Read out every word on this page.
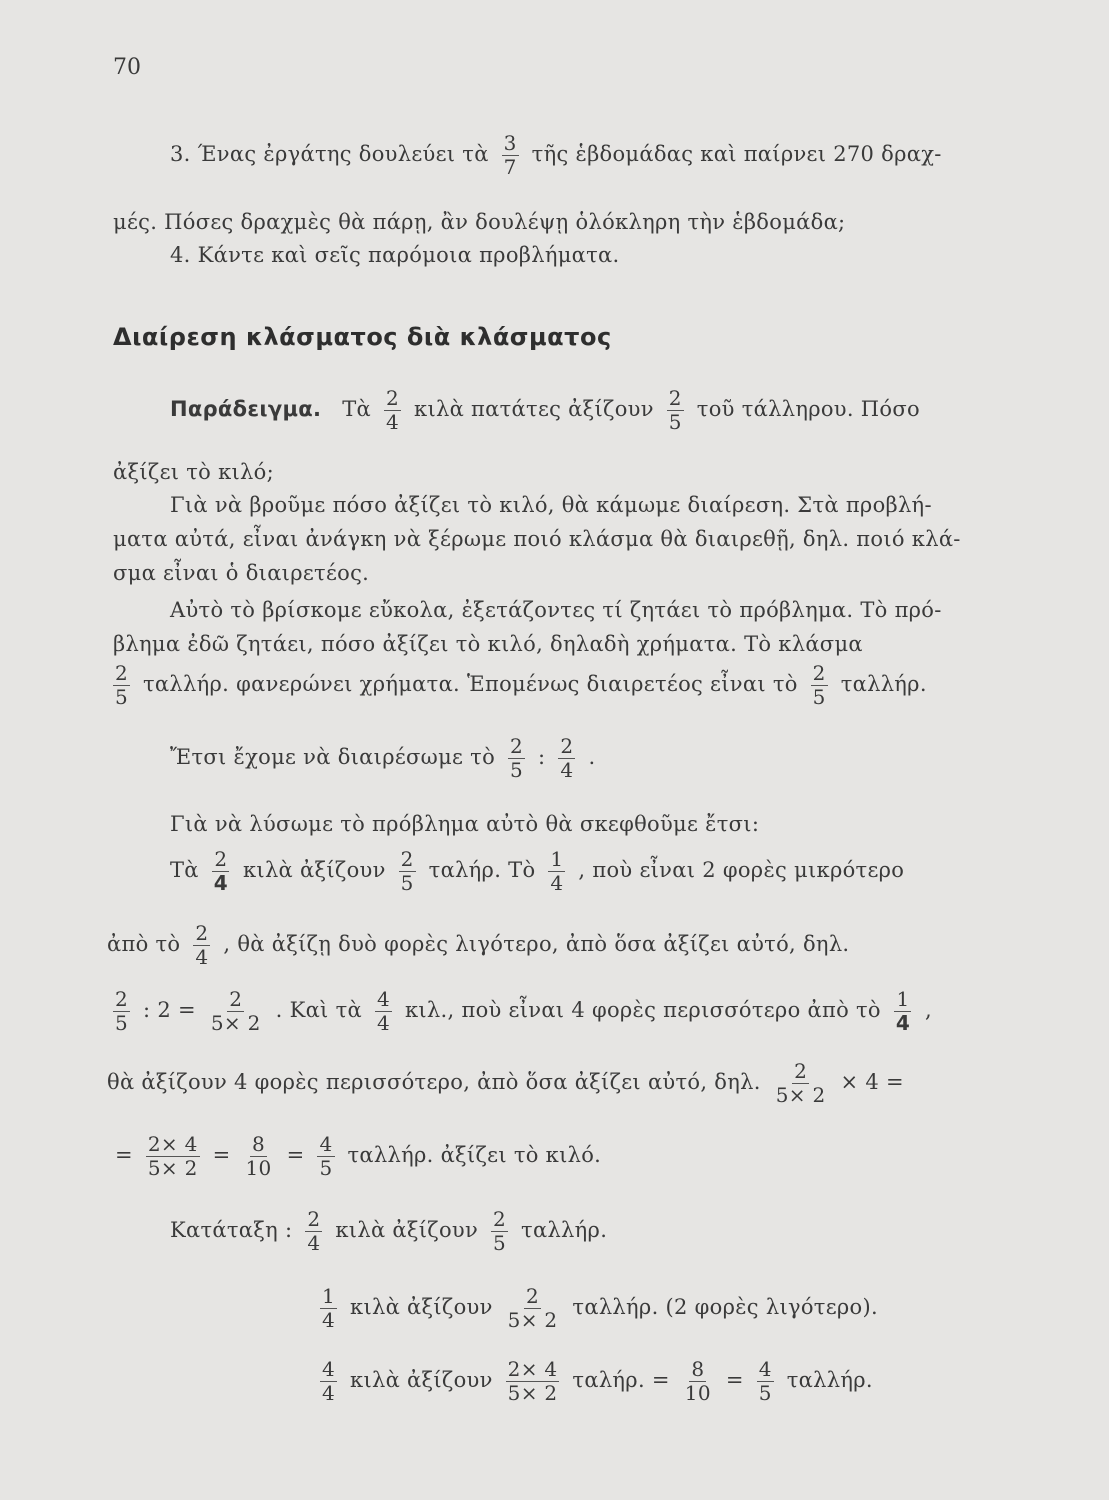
70
3. Ένας ἐργάτης δουλεύει τὰ $\frac{3}{7}$ τῆς ἑβδομάδας καὶ παίρνει 270 δραχ-
μές. Πόσες δραχμὲς θὰ πάρῃ, ἂν δουλέψῃ ὁλόκληρη τὴν ἑβδομάδα;
4. Κάντε καὶ σεῖς παρόμοια προβλήματα.
Διαίρεση κλάσματος διὰ κλάσματος
Παράδειγμα. Τὰ $\frac{2}{4}$ κιλὰ πατάτες ἀξίζουν $\frac{2}{5}$ τοῦ τάλληρου. Πόσο
ἀξίζει τὸ κιλό;
Γιὰ νὰ βροῦμε πόσο ἀξίζει τὸ κιλό, θὰ κάμωμε διαίρεση. Στὰ προβλή-
ματα αὐτά, εἶναι ἀνάγκη νὰ ξέρωμε ποιό κλάσμα θὰ διαιρεθῇ, δηλ. ποιό κλά-
σμα εἶναι ὁ διαιρετέος.
Αὐτὸ τὸ βρίσκομε εὔκολα, ἐξετάζοντες τί ζητάει τὸ πρόβλημα. Τὸ πρό-
βλημα ἐδῶ ζητάει, πόσο ἀξίζει τὸ κιλό, δηλαδὴ χρήματα. Τὸ κλάσμα
$\frac{2}{5} \tau\alpha\lambda\lambda ή\rho$. φανερώνει χρήματα. Ἑπομένως διαιρετέος εἶναι τὸ $\frac{2}{5} \tau\alpha\lambda\lambda ή\rho$.
Ἔτσι ἔχομε νὰ διαιρέσωμε τὸ $\frac{2}{5}$ : $\frac{2}{4}$ .
Γιὰ νὰ λύσωμε τὸ πρόβλημα αὐτὸ θὰ σκεφθοῦμε ἔτσι:
Τὰ $\frac{2}{4}$ κιλὰ ἀξίζουν $\frac{2}{5} \tau\alpha\lambda ή\rho$. Τὸ $\frac{1}{4}$ , ποὺ εἶναι 2 φορὲς μικρότερο
ἀπὸ τὸ $\frac{2}{4}$ , θὰ ἀξίζῃ δυὸ φορὲς λιγότερο, ἀπὸ ὅσα ἀξίζει αὐτό, δηλ.
$\frac{2}{5}$ : $2 = \frac{2}{5\times 2}$ . Καὶ τὰ $\frac{4}{4} \kappa\iota\lambda$., ποὺ εἶναι 4 φορὲς περισσότερο ἀπὸ τὸ $\frac{1}{4}$ ,
θὰ ἀξίζουν 4 φορὲς περισσότερο, ἀπὸ ὅσα ἀξίζει αὐτό, δηλ. $\frac{2}{5\times 2} \times 4$ =
= $\frac{2\times 4}{5\times 2} = \frac{8}{10} = \frac{4}{5} \tau\alpha\lambda\lambda ή\rho$. ἀξίζει τὸ κιλό.
Κατάταξη : $\frac{2}{4}$ κιλὰ ἀξίζουν $\frac{2}{5} \tau\alpha\lambda\lambda ή\rho$.
$\frac{1}{4}$ κιλὰ ἀξίζουν $\frac{2}{5\times 2} \tau\alpha\lambda\lambda ή\rho$. (2 φορὲς λιγότερο).
$\frac{4}{4}$ κιλὰ ἀξίζουν $\frac{2\times 4}{5\times 2} \tau\alpha\lambda ή\rho$. = $\frac{8}{10} = \frac{4}{5} \tau\alpha\lambda\lambda ή\rho$.
